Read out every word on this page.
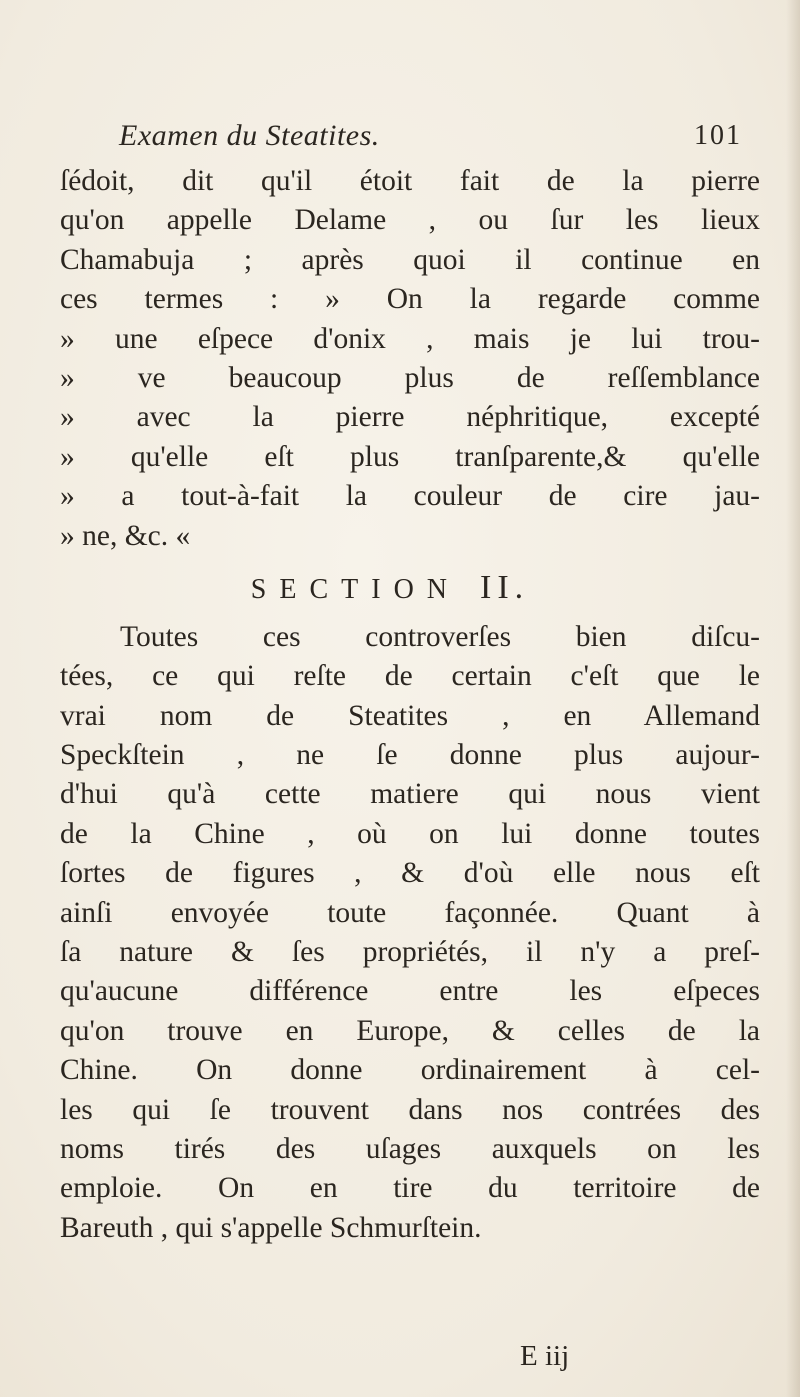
Examen du Steatites.	101
ſédoit, dit qu'il étoit fait de la pierre
qu'on appelle Delame , ou ſur les lieux
Chamabuja ; après quoi il continue en
ces termes : » On la regarde comme
» une eſpece d'onix , mais je lui trou-
» ve beaucoup plus de reſſemblance
» avec la pierre néphritique, excepté
» qu'elle eſt plus tranſparente,& qu'elle
» a tout-à-fait la couleur de cire jau-
» ne, &c. «
SECTION II.
Toutes ces controverſes bien diſcu-
tées, ce qui reſte de certain c'eſt que le
vrai nom de Steatites , en Allemand
Speckſtein , ne ſe donne plus aujour-
d'hui qu'à cette matiere qui nous vient
de la Chine , où on lui donne toutes
ſortes de figures , & d'où elle nous eſt
ainſi envoyée toute façonnée. Quant à
ſa nature & ſes propriétés, il n'y a preſ-
qu'aucune différence entre les eſpeces
qu'on trouve en Europe, & celles de la
Chine. On donne ordinairement à cel-
les qui ſe trouvent dans nos contrées des
noms tirés des uſages auxquels on les
emploie. On en tire du territoire de
Bareuth , qui s'appelle Schmurſtein.
E iij
